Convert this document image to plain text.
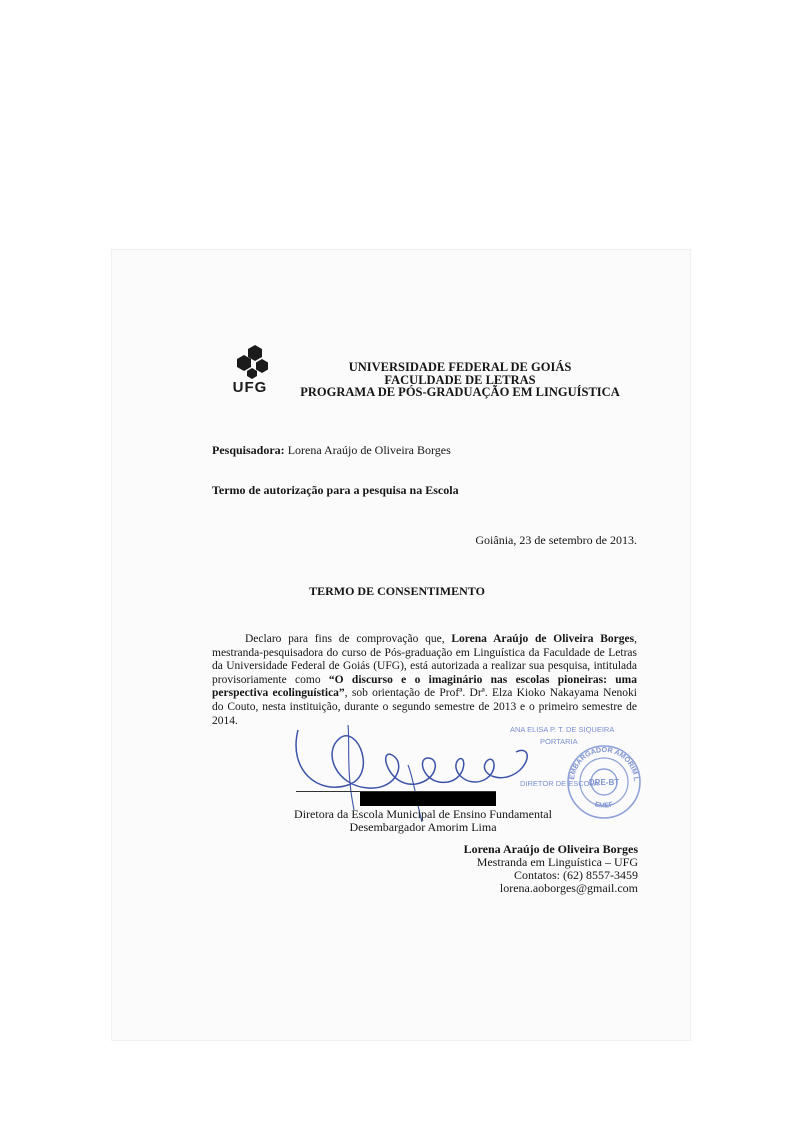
UFG
UNIVERSIDADE FEDERAL DE GOIÁS
FACULDADE DE LETRAS
PROGRAMA DE PÓS-GRADUAÇÃO EM LINGUÍSTICA
Pesquisadora: Lorena Araújo de Oliveira Borges
Termo de autorização para a pesquisa na Escola
Goiânia, 23 de setembro de 2013.
TERMO DE CONSENTIMENTO

Declaro para fins de comprovação que, Lorena Araújo de Oliveira Borges, mestranda-pesquisadora do curso de Pós-graduação em Linguística da Faculdade de Letras da Universidade Federal de Goiás (UFG), está autorizada a realizar sua pesquisa, intitulada provisoriamente como “O discurso e o imaginário nas escolas pioneiras: uma perspectiva ecolinguística”, sob orientação de Profª. Drª. Elza Kioko Nakayama Nenoki do Couto, nesta instituição, durante o segundo semestre de 2013 e o primeiro semestre de 2014.

ANA ELISA P. T. DE SIQUEIRA
PORTARIA
DIRETOR DE ESCOLA
EMBARGADOR AMORIM L
EMEF
DRE-BT
Diretora da Escola Municipal de Ensino Fundamental
Desembargador Amorim Lima
Lorena Araújo de Oliveira Borges
Mestranda em Linguística – UFG
Contatos: (62) 8557-3459
lorena.aoborges@gmail.com
